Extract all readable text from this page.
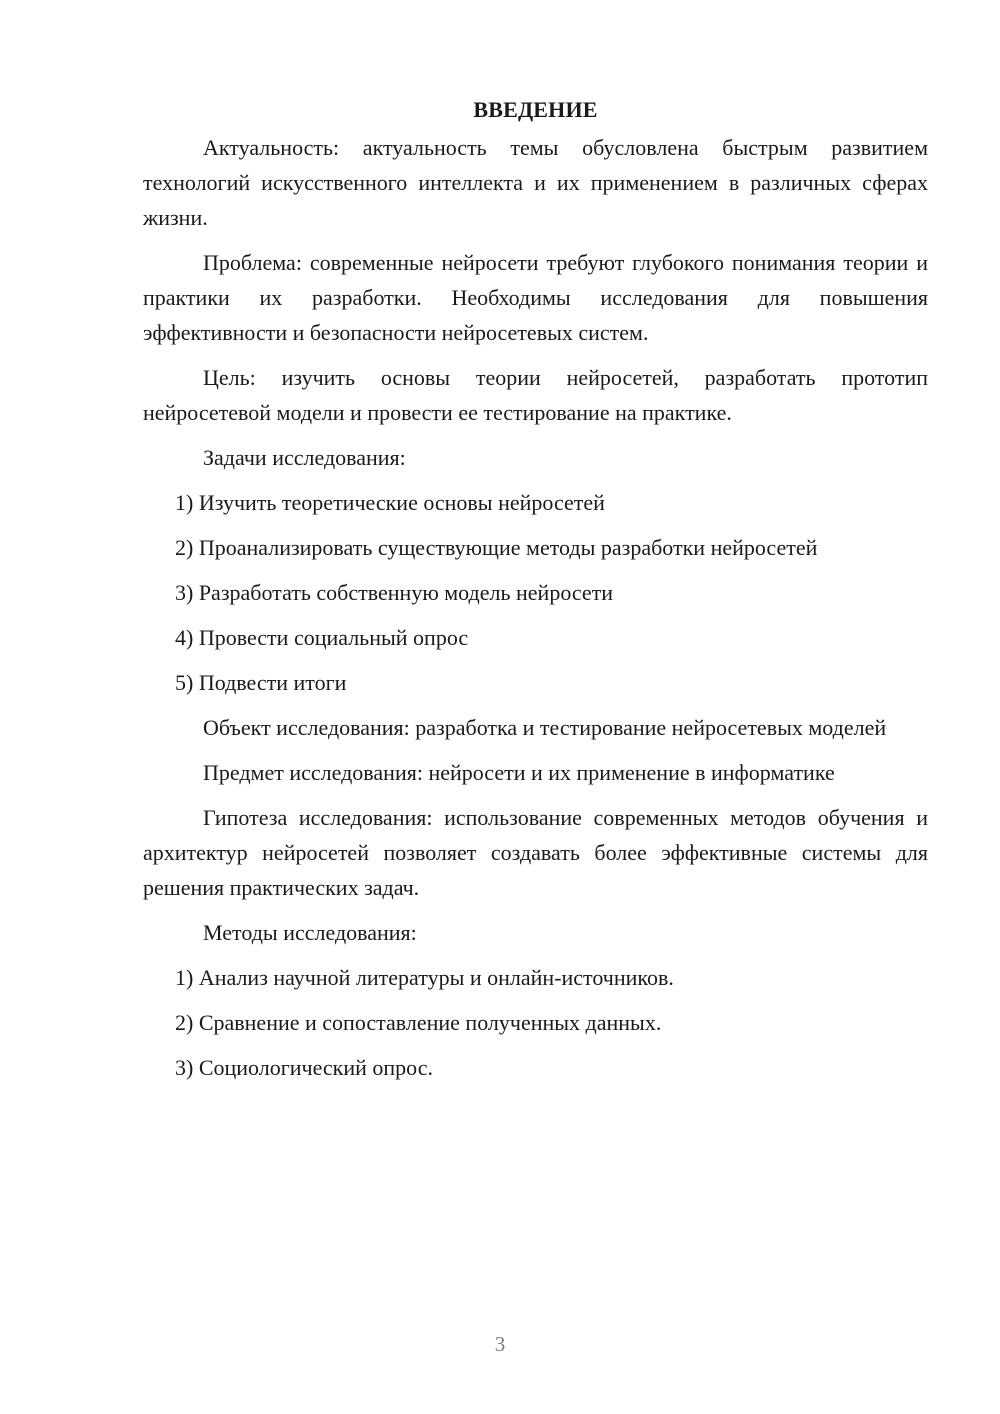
ВВЕДЕНИЕ

Актуальность: актуальность темы обусловлена быстрым развитием технологий искусственного интеллекта и их применением в различных сферах жизни.

Проблема: современные нейросети требуют глубокого понимания теории и практики их разработки. Необходимы исследования для повышения эффективности и безопасности нейросетевых систем.

Цель: изучить основы теории нейросетей, разработать прототип нейросетевой модели и провести ее тестирование на практике.

Задачи исследования:

1) Изучить теоретические основы нейросетей

2) Проанализировать существующие методы разработки нейросетей

3) Разработать собственную модель нейросети

4) Провести социальный опрос

5) Подвести итоги

Объект исследования: разработка и тестирование нейросетевых моделей

Предмет исследования: нейросети и их применение в информатике

Гипотеза исследования: использование современных методов обучения и архитектур нейросетей позволяет создавать более эффективные системы для решения практических задач.

Методы исследования:

1) Анализ научной литературы и онлайн-источников.

2) Сравнение и сопоставление полученных данных.

3) Социологический опрос.

3
